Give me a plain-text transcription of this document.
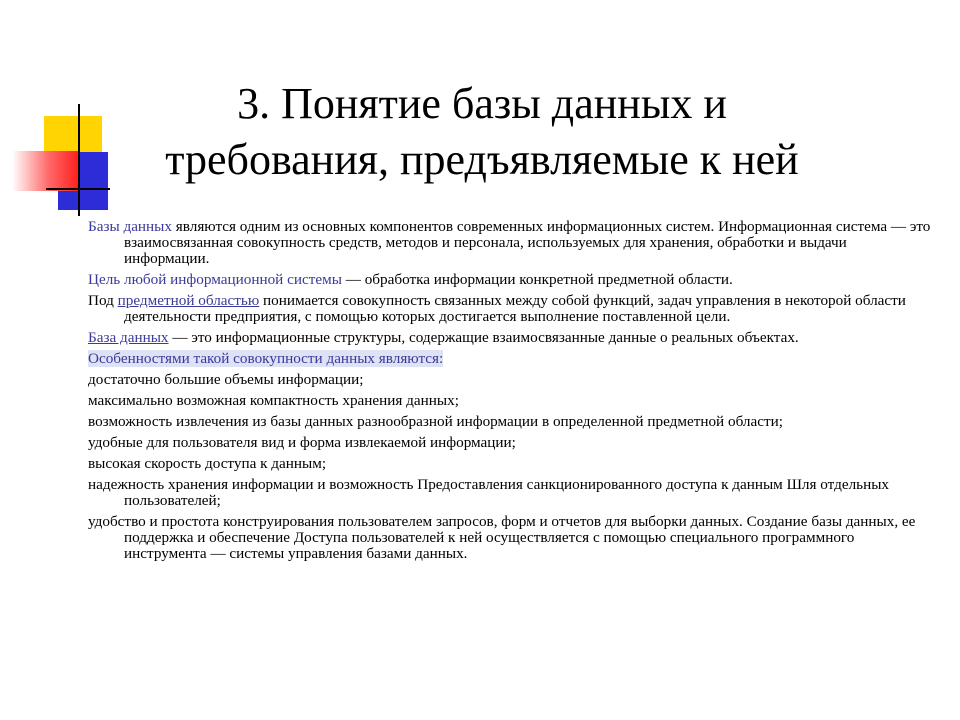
3. Понятие базы данных и
требования, предъявляемые к ней

Базы данных являются одним из основных компонентов современных информационных систем. Информационная система — это взаимосвязанная совокупность средств, методов и персонала, используемых для хранения, обработки и выдачи информации.

Цель любой информационной системы — обработка информации конкретной предметной области.

Под предметной областью понимается совокупность связанных между собой функций, задач управления в некоторой области деятельности предприятия, с помощью которых достигается выполнение поставленной цели.

База данных — это информационные структуры, содержащие взаимосвязанные данные о реальных объектах.

Особенностями такой совокупности данных являются:

достаточно большие объемы информации;

максимально возможная компактность хранения данных;

возможность извлечения из базы данных разнообразной информации в определенной предметной области;

удобные для пользователя вид и форма извлекаемой информации;

высокая скорость доступа к данным;

надежность хранения информации и возможность Предоставления санкционированного доступа к данным Шля отдельных пользователей;

удобство и простота конструирования пользователем запросов, форм и отчетов для выборки данных. Создание базы данных, ее поддержка и обеспечение Доступа пользователей к ней осуществляется с помощью специального программного инструмента — системы управления базами данных.
